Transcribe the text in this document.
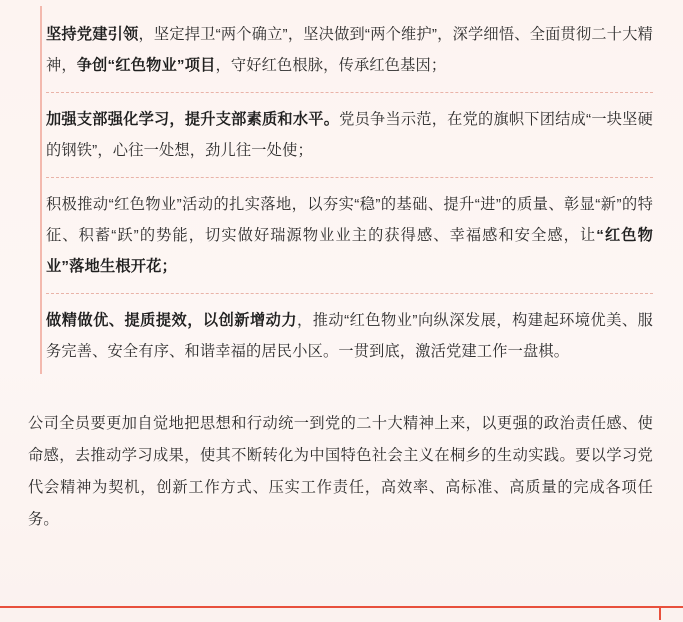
坚持党建引领，坚定捍卫“两个确立”，坚决做到“两个维护”，深学细悟、全面贯彻二十大精神，争创“红色物业”项目，守好红色根脉，传承红色基因；

加强支部强化学习，提升支部素质和水平。党员争当示范，在党的旗帜下团结成“一块坚硬的钢铁”，心往一处想，劲儿往一处使；

积极推动“红色物业”活动的扎实落地，以夯实“稳”的基础、提升“进”的质量、彰显“新”的特征、积蓄“跃”的势能，切实做好瑞源物业业主的获得感、幸福感和安全感，让“红色物业”落地生根开花；

做精做优、提质提效，以创新增动力，推动“红色物业”向纵深发展，构建起环境优美、服务完善、安全有序、和谐幸福的居民小区。一贯到底，激活党建工作一盘棋。

公司全员要更加自觉地把思想和行动统一到党的二十大精神上来，以更强的政治责任感、使命感，去推动学习成果，使其不断转化为中国特色社会主义在桐乡的生动实践。要以学习党代会精神为契机，创新工作方式、压实工作责任，高效率、高标准、高质量的完成各项任务。
